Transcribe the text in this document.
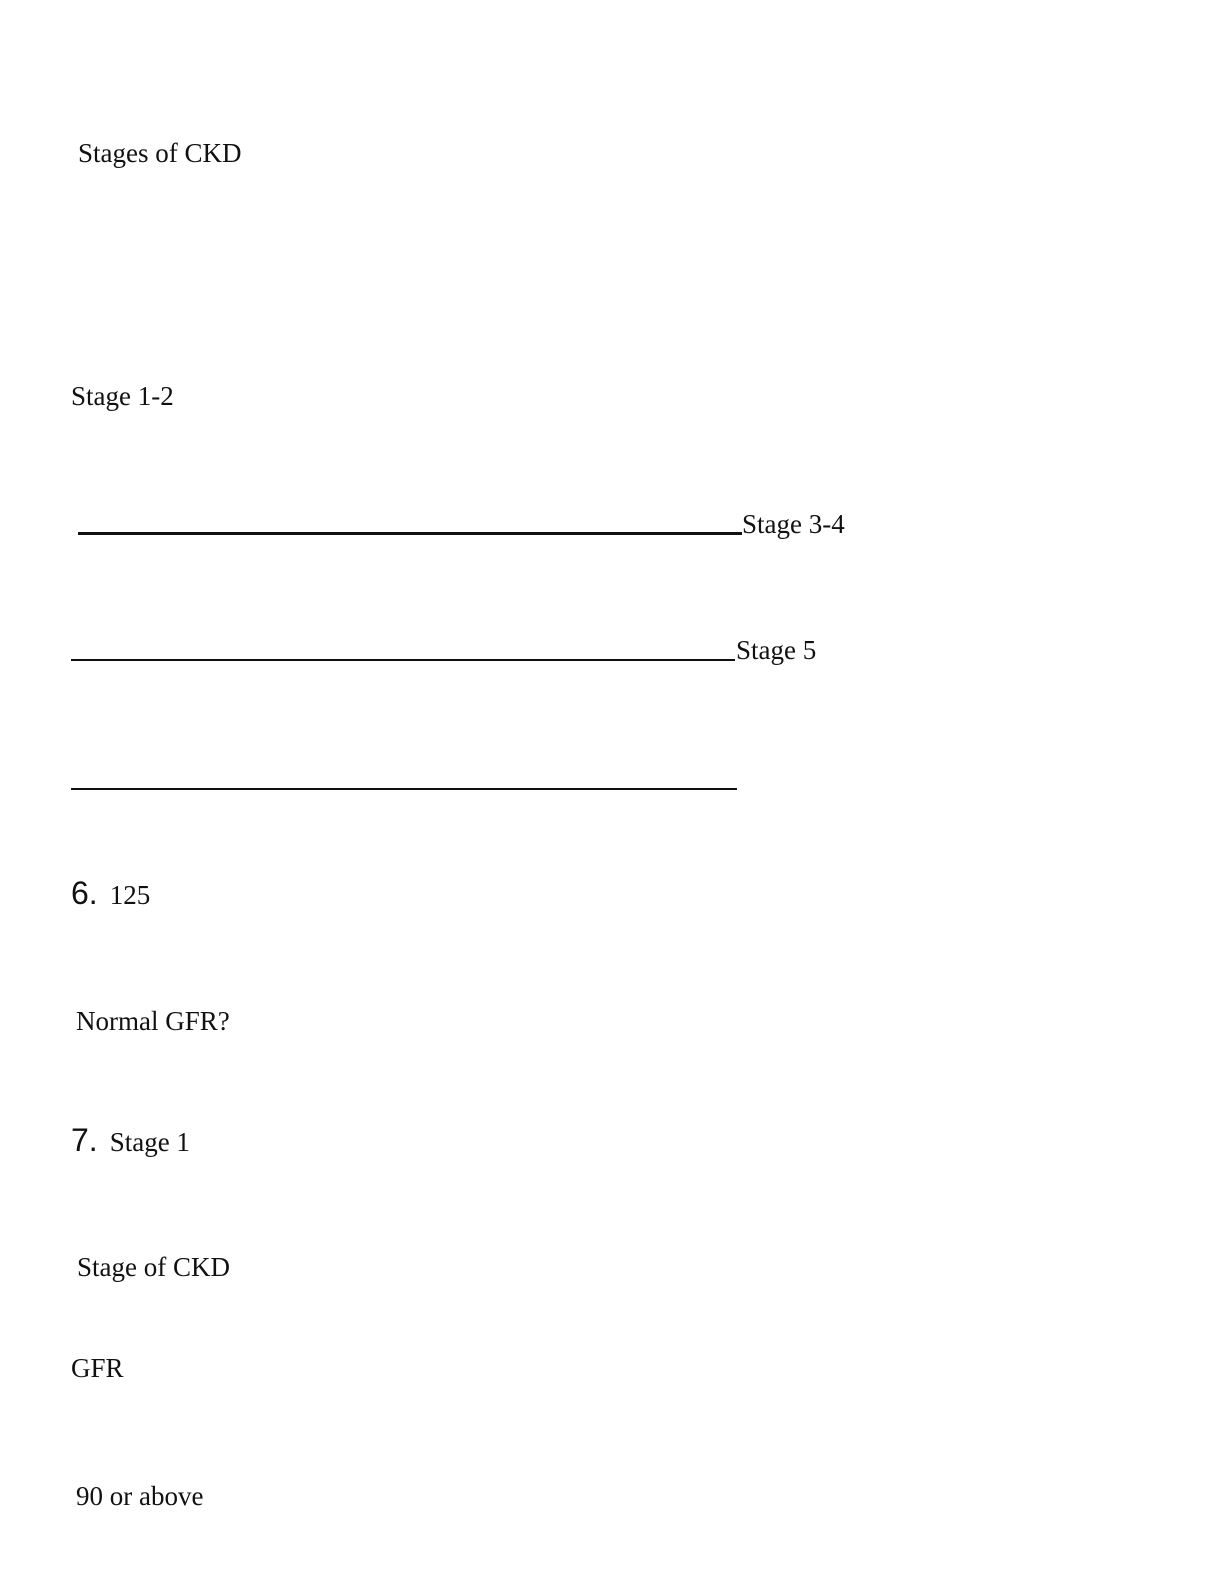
Stages of CKD
Stage 1-2
Stage 3-4
Stage 5
6. 125
Normal GFR?
7. Stage 1
Stage of CKD
GFR
90 or above
